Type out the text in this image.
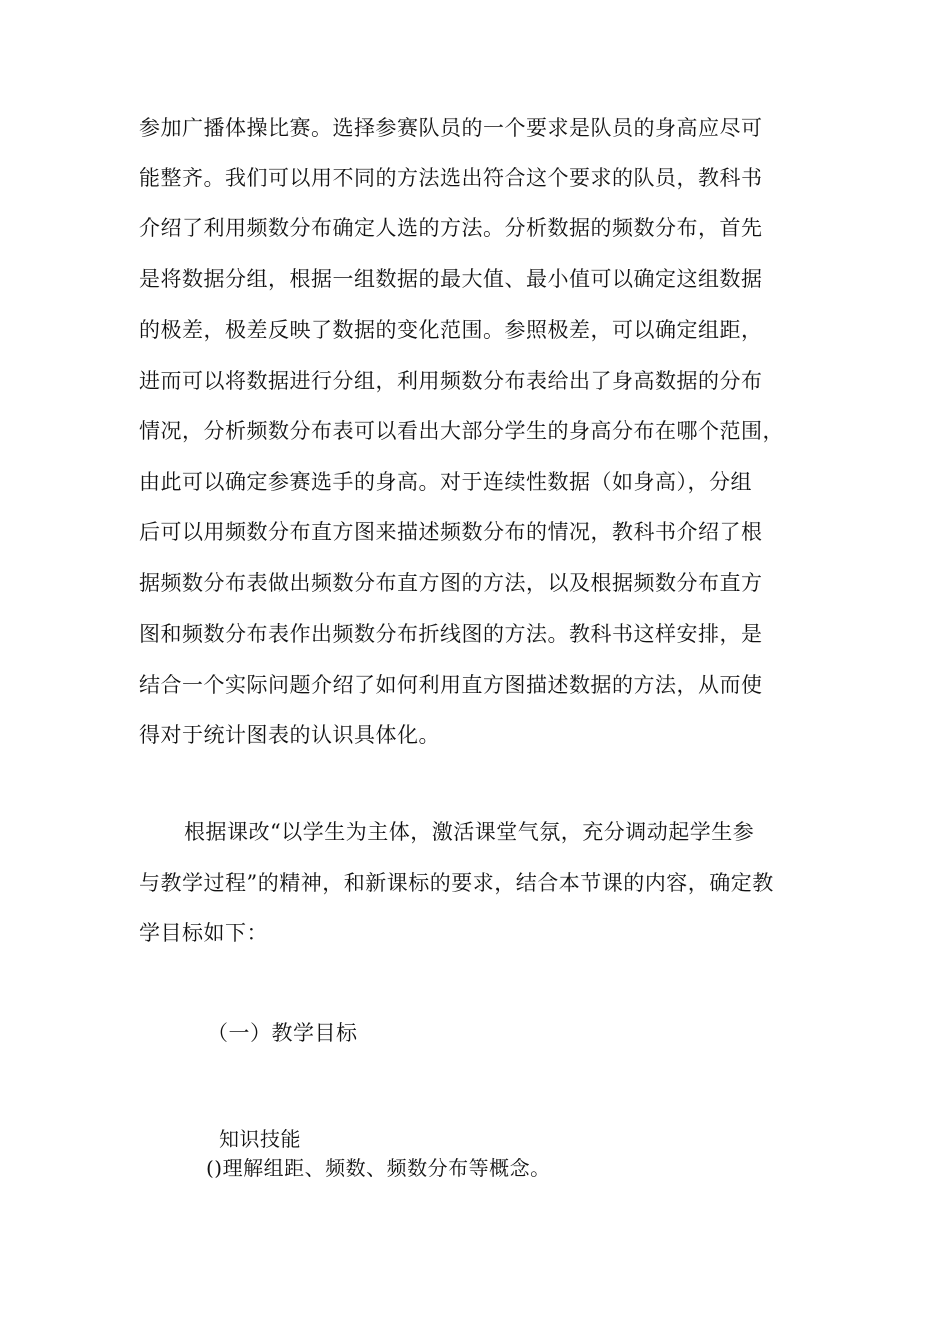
参加广播体操比赛。选择参赛队员的一个要求是队员的身高应尽可
能整齐。我们可以用不同的方法选出符合这个要求的队员，教科书
介绍了利用频数分布确定人选的方法。分析数据的频数分布，首先
是将数据分组，根据一组数据的最大值、最小值可以确定这组数据
的极差，极差反映了数据的变化范围。参照极差，可以确定组距，
进而可以将数据进行分组，利用频数分布表给出了身高数据的分布
情况，分析频数分布表可以看出大部分学生的身高分布在哪个范围，
由此可以确定参赛选手的身高。对于连续性数据（如身高），分组
后可以用频数分布直方图来描述频数分布的情况，教科书介绍了根
据频数分布表做出频数分布直方图的方法，以及根据频数分布直方
图和频数分布表作出频数分布折线图的方法。教科书这样安排，是
结合一个实际问题介绍了如何利用直方图描述数据的方法，从而使
得对于统计图表的认识具体化。
根据课改“以学生为主体，激活课堂气氛，充分调动起学生参
与教学过程”的精神，和新课标的要求，结合本节课的内容，确定教
学目标如下：
（一）教学目标
知识技能
()理解组距、频数、频数分布等概念。
